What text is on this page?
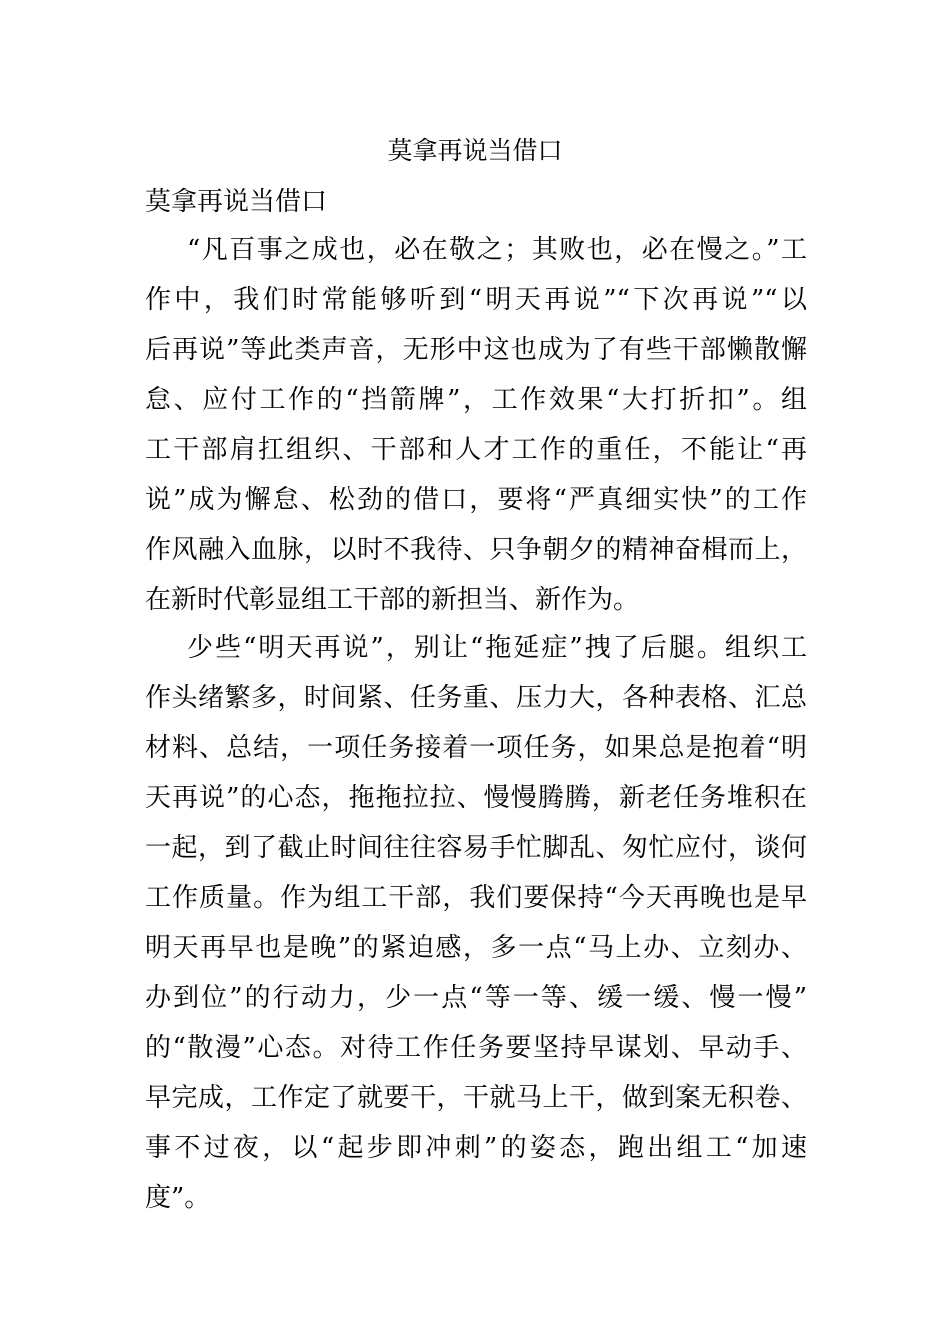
莫拿再说当借口
莫拿再说当借口
“凡百事之成也，必在敬之；其败也，必在慢之。”工
作中，我们时常能够听到“明天再说”“下次再说”“以
后再说”等此类声音，无形中这也成为了有些干部懒散懈
怠、应付工作的“挡箭牌”，工作效果“大打折扣”。组
工干部肩扛组织、干部和人才工作的重任，不能让“再
说”成为懈怠、松劲的借口，要将“严真细实快”的工作
作风融入血脉，以时不我待、只争朝夕的精神奋楫而上，
在新时代彰显组工干部的新担当、新作为。
少些“明天再说”，别让“拖延症”拽了后腿。组织工
作头绪繁多，时间紧、任务重、压力大，各种表格、汇总
材料、总结，一项任务接着一项任务，如果总是抱着“明
天再说”的心态，拖拖拉拉、慢慢腾腾，新老任务堆积在
一起，到了截止时间往往容易手忙脚乱、匆忙应付，谈何
工作质量。作为组工干部，我们要保持“今天再晚也是早
明天再早也是晚”的紧迫感，多一点“马上办、立刻办、
办到位”的行动力，少一点“等一等、缓一缓、慢一慢”
的“散漫”心态。对待工作任务要坚持早谋划、早动手、
早完成，工作定了就要干，干就马上干，做到案无积卷、
事不过夜，以“起步即冲刺”的姿态，跑出组工“加速
度”。
